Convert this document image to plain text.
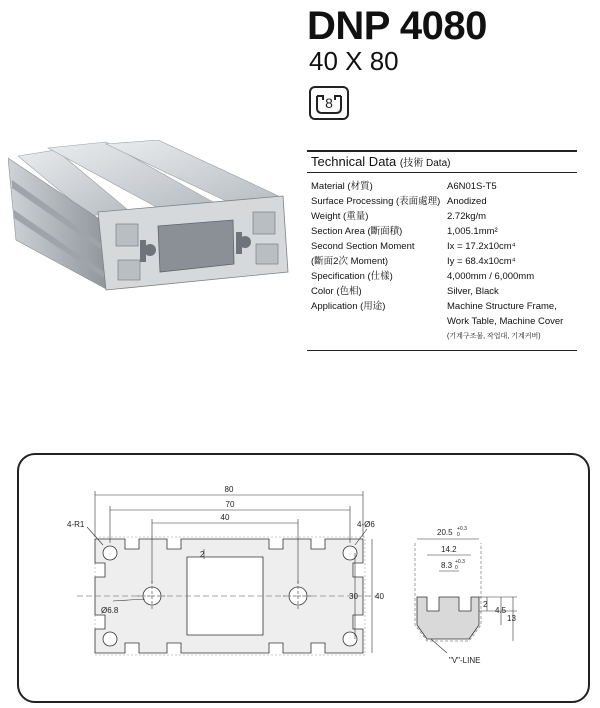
DNP 4080
40 X 80
8
Technical Data (技術 Data)
Material (材質)	A6N01S-T5
Surface Processing (表面處理) Anodized
Weight (重量)	2.72kg/m
Section Area (斷面積)	1,005.1mm²
Second Section Moment	Ix = 17.2x10cm⁴
(斷面2次 Moment)	Iy = 68.4x10cm⁴
Specification (仕樣)	4,000mm / 6,000mm
Color (色相)	Silver, Black
Application (用途)	Machine Structure Frame,
Work Table, Machine Cover
(기계구조물, 작업대, 기계커버)
80
70
40
4-R1	4-Ø6
2
Ø6.8
30 40
20.5 +0.3
0
14.2
8.3 +0.3
0
2
4.5
13
"V"-LINE
